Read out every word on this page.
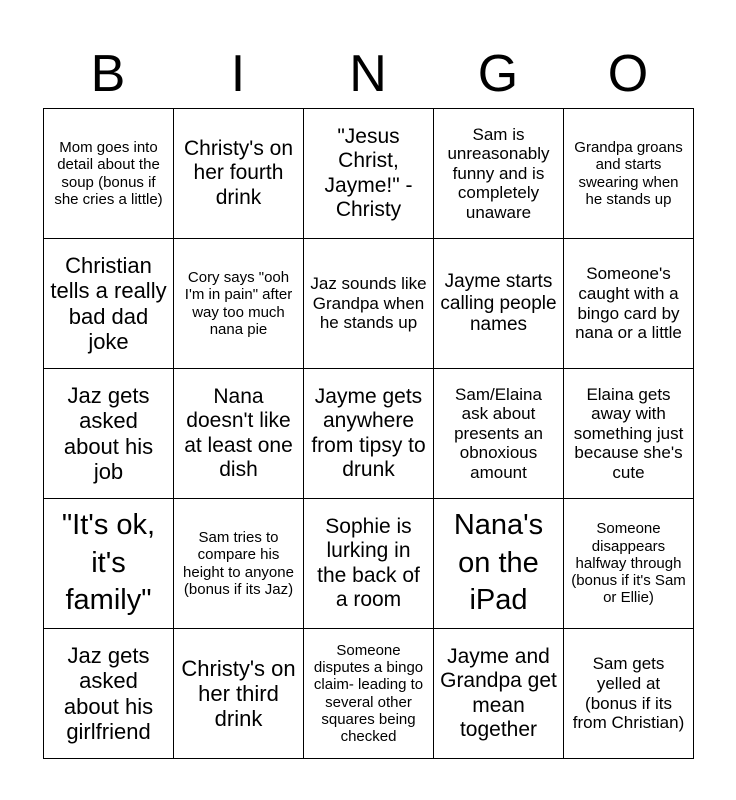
B	I	N	G	O
Mom goes into detail about the soup (bonus if she cries a little)	Christy's on her fourth drink	"Jesus Christ, Jayme!" - Christy	Sam is unreasonably funny and is completely unaware	Grandpa groans and starts swearing when he stands up
Christian tells a really bad dad joke	Cory says "ooh I'm in pain" after way too much nana pie	Jaz sounds like Grandpa when he stands up	Jayme starts calling people names	Someone's caught with a bingo card by nana or a little
Jaz gets asked about his job	Nana doesn't like at least one dish	Jayme gets anywhere from tipsy to drunk	Sam/Elaina ask about presents an obnoxious amount	Elaina gets away with something just because she's cute
"It's ok, it's family"	Sam tries to compare his height to anyone (bonus if its Jaz)	Sophie is lurking in the back of a room	Nana's on the iPad	Someone disappears halfway through (bonus if it's Sam or Ellie)
Jaz gets asked about his girlfriend	Christy's on her third drink	Someone disputes a bingo claim- leading to several other squares being checked	Jayme and Grandpa get mean together	Sam gets yelled at (bonus if its from Christian)
